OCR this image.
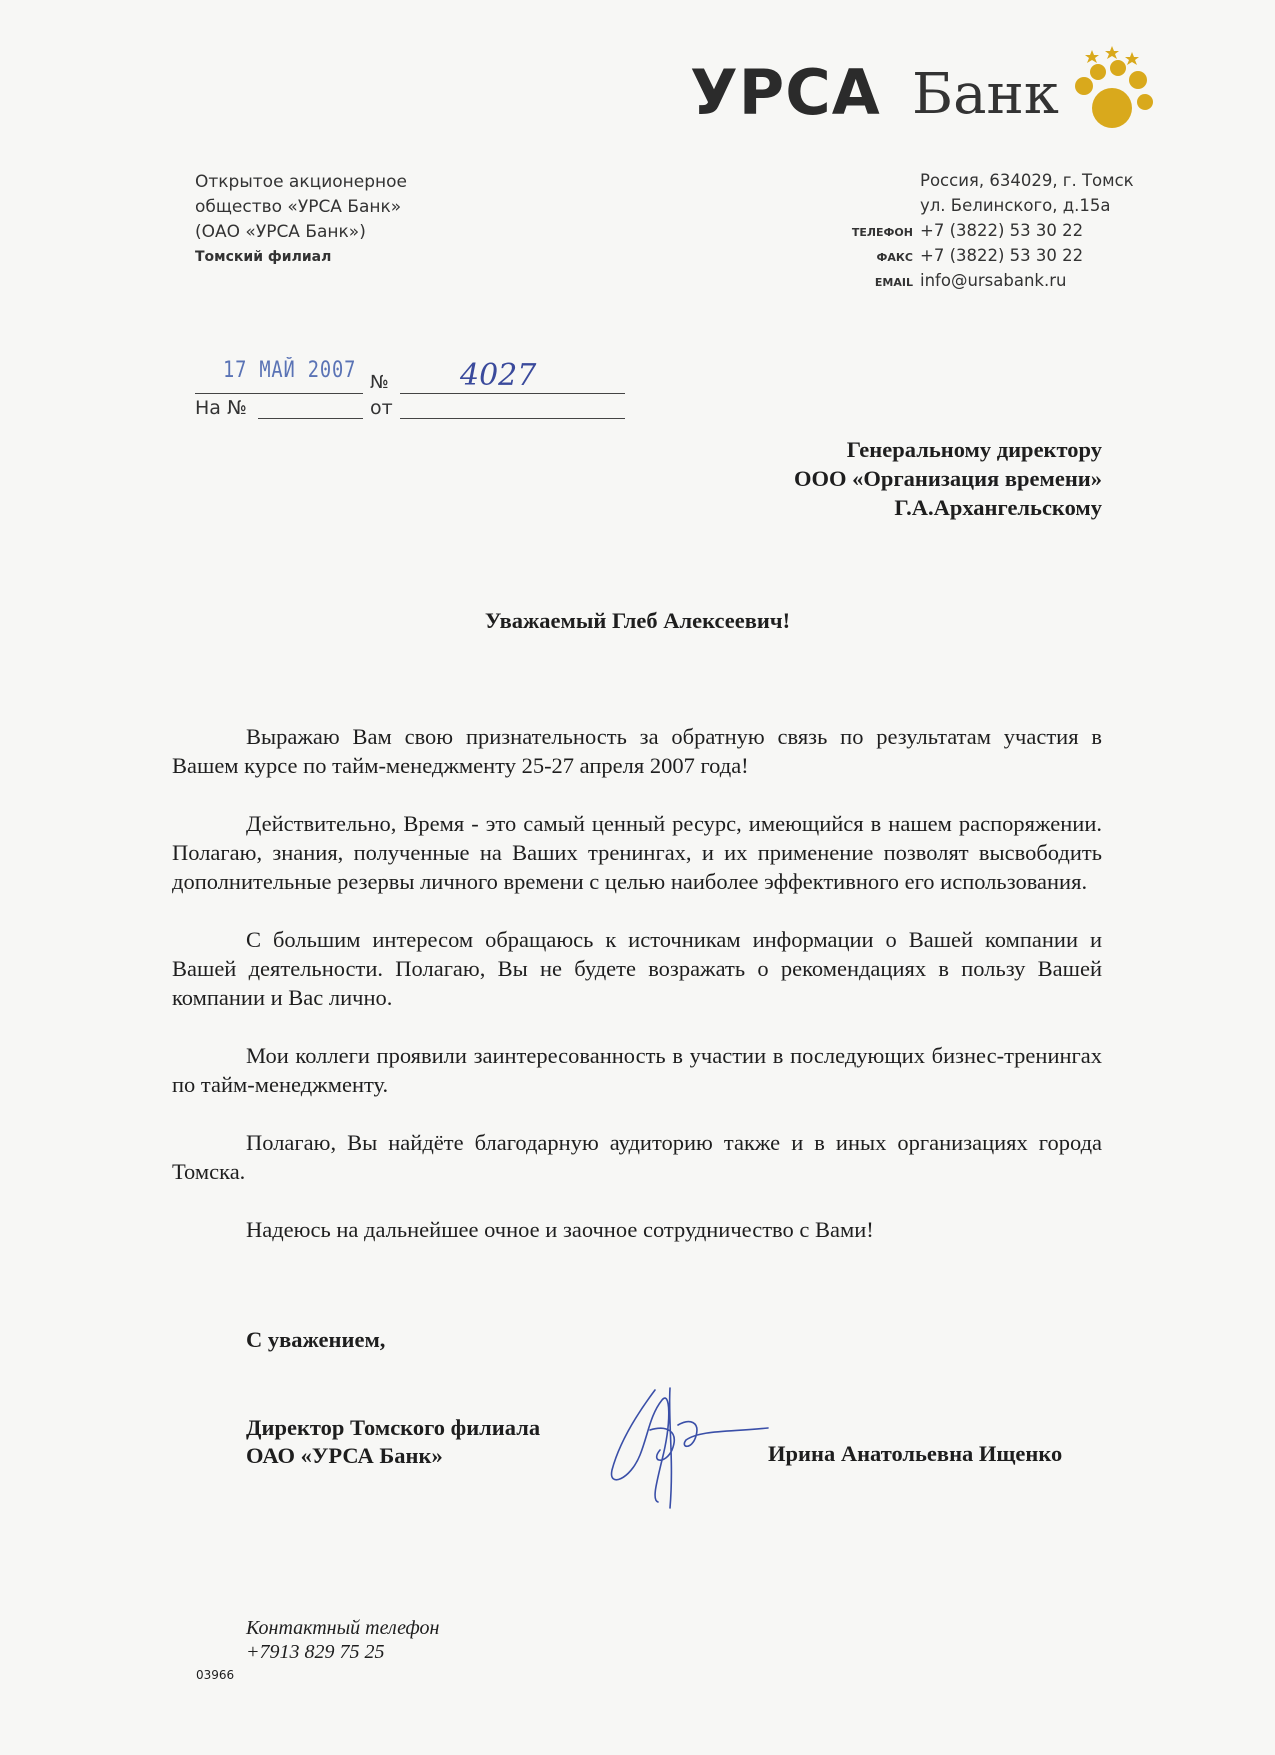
УРСА Банк
Открытое акционерное
общество «УРСА Банк»
(ОАО «УРСА Банк»)
Томский филиал
Россия, 634029, г. Томск
ул. Белинского, д.15а
ТЕЛЕФОН +7 (3822) 53 30 22
ФАКС +7 (3822) 53 30 22
EMAIL info@ursabank.ru
17 МАЙ 2007 № 4027
На №	от
Генеральному директору
ООО «Организация времени»
Г.А.Архангельскому
Уважаемый Глеб Алексеевич!

Выражаю Вам свою признательность за обратную связь по результатам участия в Вашем курсе по тайм-менеджменту 25-27 апреля 2007 года!

Действительно, Время - это самый ценный ресурс, имеющийся в нашем распоряжении. Полагаю, знания, полученные на Ваших тренингах, и их применение позволят высвободить дополнительные резервы личного времени с целью наиболее эффективного его использования.

С большим интересом обращаюсь к источникам информации о Вашей компании и Вашей деятельности. Полагаю, Вы не будете возражать о рекомендациях в пользу Вашей компании и Вас лично.

Мои коллеги проявили заинтересованность в участии в последующих бизнес-тренингах по тайм-менеджменту.

Полагаю, Вы найдёте благодарную аудиторию также и в иных организациях города Томска.

Надеюсь на дальнейшее очное и заочное сотрудничество с Вами!

С уважением,
Директор Томского филиала
ОАО «УРСА Банк»	Ирина Анатольевна Ищенко
Контактный телефон
+7913 829 75 25
03966
